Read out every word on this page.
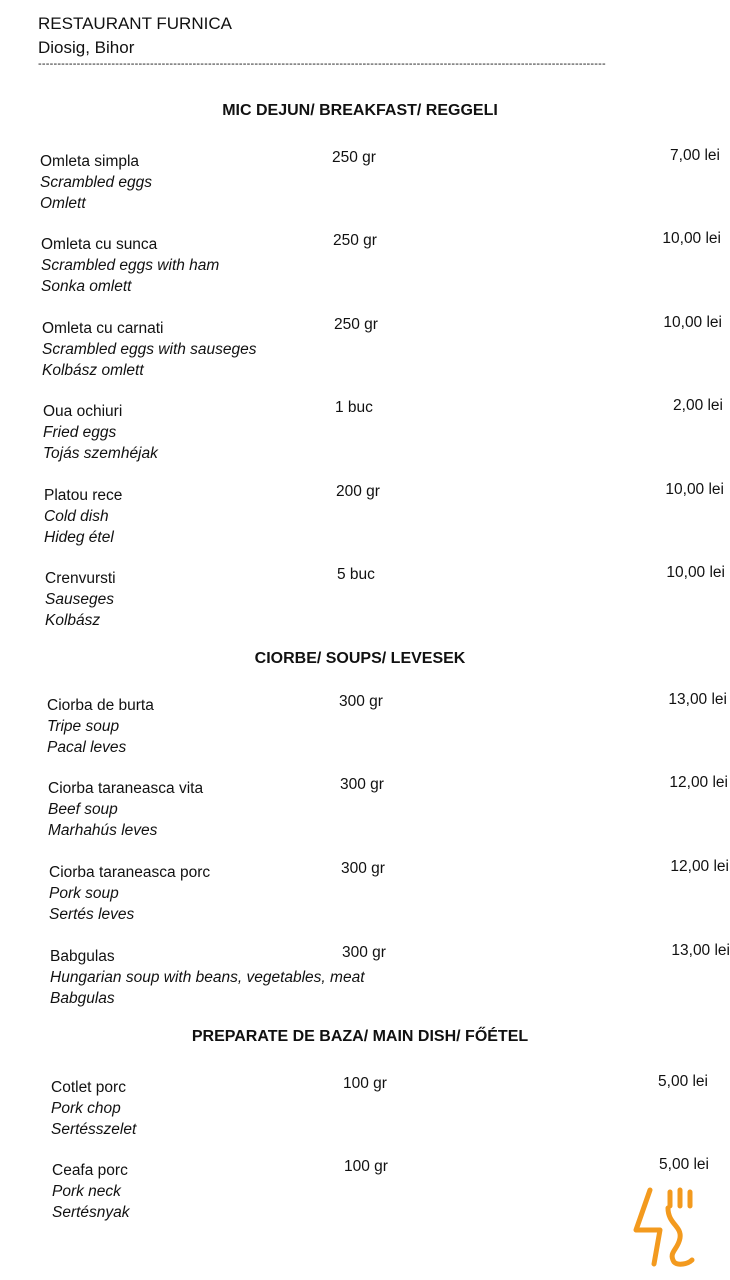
RESTAURANT FURNICA
Diosig, Bihor
---------------------------------------------------------------------------------------------------------------------------------------------------
MIC DEJUN/ BREAKFAST/ REGGELI
CIORBE/ SOUPS/ LEVESEK
PREPARATE DE BAZA/ MAIN DISH/ FŐÉTEL
Omleta simpla
Scrambled eggs
Omlett
250 gr	7,00 lei
Omleta cu sunca
Scrambled eggs with ham
Sonka omlett
250 gr	10,00 lei
Omleta cu carnati
Scrambled eggs with sauseges
Kolbász omlett
250 gr	10,00 lei
Oua ochiuri
Fried eggs
Tojás szemhéjak
1 buc	2,00 lei
Platou rece
Cold dish
Hideg étel
200 gr	10,00 lei
Crenvursti
Sauseges
Kolbász
5 buc	10,00 lei
Ciorba de burta
Tripe soup
Pacal leves
300 gr	13,00 lei
Ciorba taraneasca vita
Beef soup
Marhahús leves
300 gr	12,00 lei
Ciorba taraneasca porc
Pork soup
Sertés leves
300 gr	12,00 lei
Babgulas
Hungarian soup with beans, vegetables, meat
Babgulas
300 gr	13,00 lei
Cotlet porc
Pork chop
Sertésszelet
100 gr	5,00 lei
Ceafa porc
Pork neck
Sertésnyak
100 gr	5,00 lei
